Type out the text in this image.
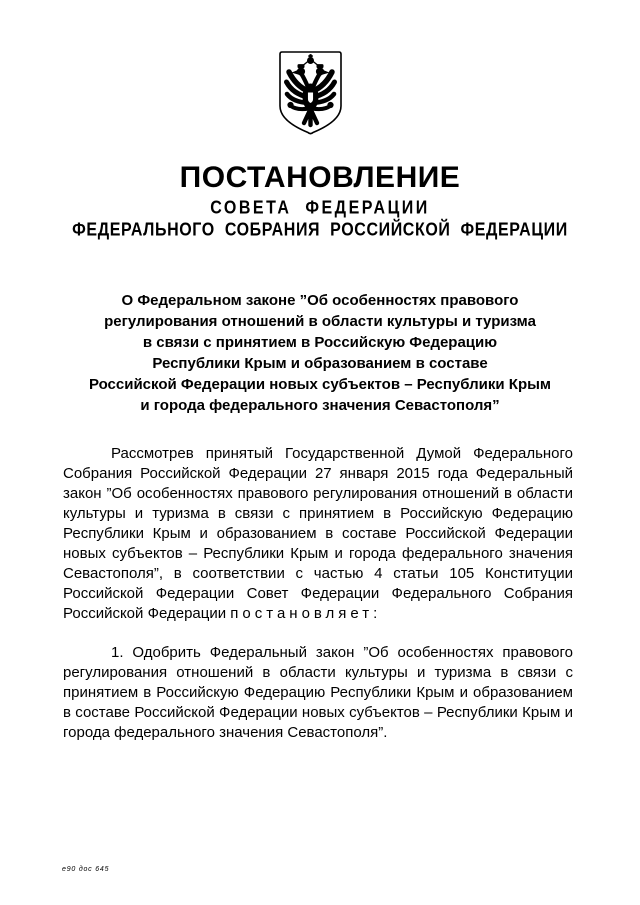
ПОСТАНОВЛЕНИЕ
СОВЕТА ФЕДЕРАЦИИ
ФЕДЕРАЛЬНОГО СОБРАНИЯ РОССИЙСКОЙ ФЕДЕРАЦИИ
О Федеральном законе ”Об особенностях правового
регулирования отношений в области культуры и туризма
в связи с принятием в Российскую Федерацию
Республики Крым и образованием в составе
Российской Федерации новых субъектов – Республики Крым
и города федерального значения Севастополя”

Рассмотрев принятый Государственной Думой Федерального Собрания Российской Федерации 27 января 2015 года Федеральный закон ”Об особенностях правового регулирования отношений в области культуры и туризма в связи с принятием в Российскую Федерацию Республики Крым и образованием в составе Российской Федерации новых субъектов – Республики Крым и города федерального значения Севастополя”, в соответствии с частью 4 статьи 105 Конституции Российской Федерации Совет Федерации Федерального Собрания Российской Федерации постановляет:

1. Одобрить Федеральный закон ”Об особенностях правового регулирования отношений в области культуры и туризма в связи с принятием в Российскую Федерацию Республики Крым и образованием в составе Российской Федерации новых субъектов – Республики Крым и города федерального значения Севастополя”.

е90 дос 645
